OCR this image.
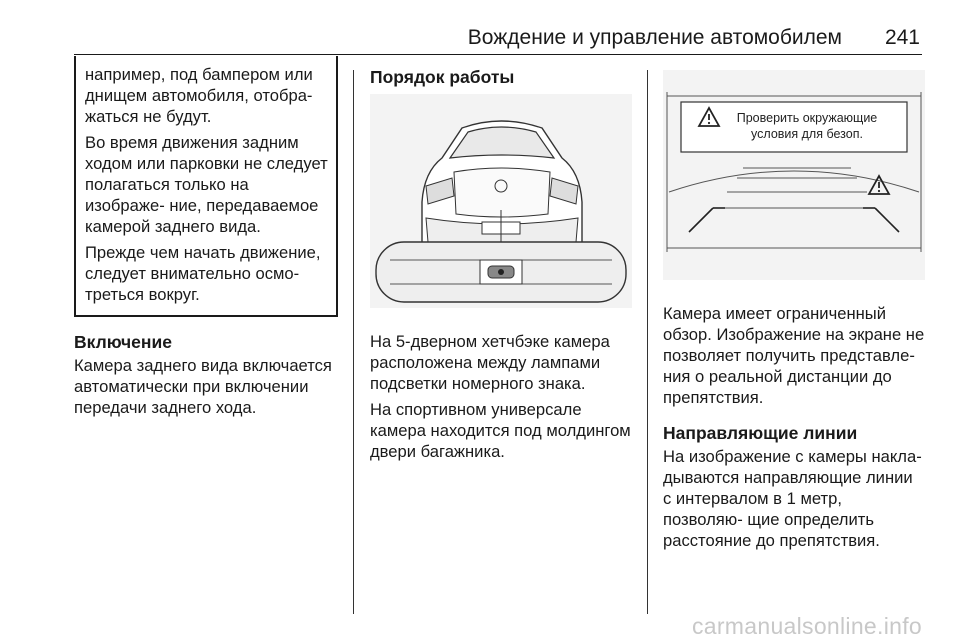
Вождение и управление автомобилем 241

например, под бампером или днищем автомобиля, отобра- жаться не будут.

Во время движения задним ходом или парковки не следует полагаться только на изображе- ние, передаваемое камерой заднего вида.

Прежде чем начать движение, следует внимательно осмо- треться вокруг.

Включение

Камера заднего вида включается автоматически при включении передачи заднего хода.

Порядок работы

На 5-дверном хетчбэке камера расположена между лампами подсветки номерного знака.

На спортивном универсале камера находится под молдингом двери багажника.

Проверить окружающие
условия для безоп.

Камера имеет ограниченный обзор. Изображение на экране не позволяет получить представле- ния о реальной дистанции до препятствия.

Направляющие линии

На изображение с камеры накла- дываются направляющие линии с интервалом в 1 метр, позволяю- щие определить расстояние до препятствия.

carmanualsonline.info
